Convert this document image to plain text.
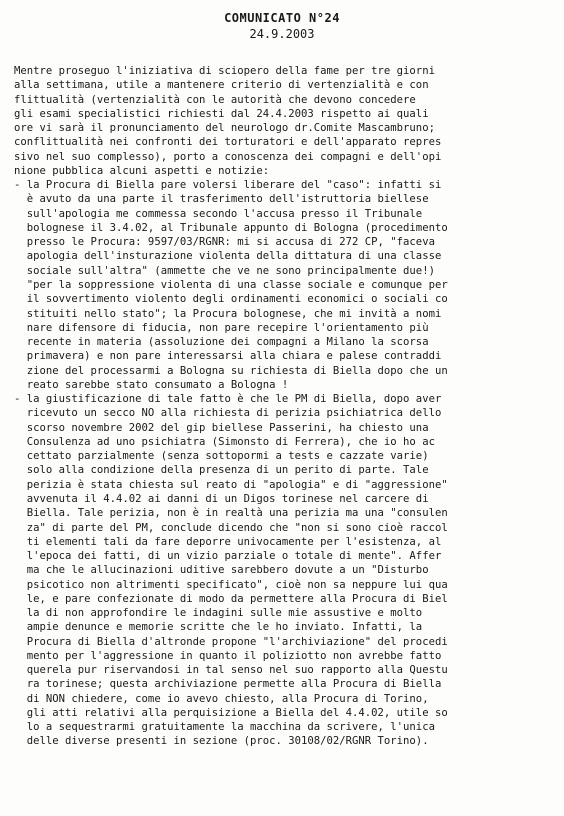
COMUNICATO N°24
24.9.2003
Mentre proseguo l'iniziativa di sciopero della fame per tre giorni
alla settimana, utile a mantenere criterio di vertenzialità e con
flittualità (vertenzialità con le autorità che devono concedere
gli esami specialistici richiesti dal 24.4.2003 rispetto ai quali
ore vi sarà il pronunciamento del neurologo dr.Comite Mascambruno;
conflittualità nei confronti dei torturatori e dell'apparato repres
sivo nel suo complesso), porto a conoscenza dei compagni e dell'opi
nione pubblica alcuni aspetti e notizie:
- la Procura di Biella pare volersi liberare del "caso": infatti si
è avuto da una parte il trasferimento dell'istruttoria biellese
sull'apologia me commessa secondo l'accusa presso il Tribunale
bolognese il 3.4.02, al Tribunale appunto di Bologna (procedimento
presso le Procura: 9597/03/RGNR: mi si accusa di 272 CP, "faceva
apologia dell'insturazione violenta della dittatura di una classe
sociale sull'altra" (ammette che ve ne sono principalmente due!)
"per la soppressione violenta di una classe sociale e comunque per
il sovvertimento violento degli ordinamenti economici o sociali co
stituiti nello stato"; la Procura bolognese, che mi invità a nomi
nare difensore di fiducia, non pare recepire l'orientamento più
recente in materia (assoluzione dei compagni a Milano la scorsa
primavera) e non pare interessarsi alla chiara e palese contraddi
zione del processarmi a Bologna su richiesta di Biella dopo che un
reato sarebbe stato consumato a Bologna !
- la giustificazione di tale fatto è che le PM di Biella, dopo aver
ricevuto un secco NO alla richiesta di perizia psichiatrica dello
scorso novembre 2002 del gip biellese Passerini, ha chiesto una
Consulenza ad uno psichiatra (Simonsto di Ferrera), che io ho ac
cettato parzialmente (senza sottopormi a tests e cazzate varie)
solo alla condizione della presenza di un perito di parte. Tale
perizia è stata chiesta sul reato di "apologia" e di "aggressione"
avvenuta il 4.4.02 ai danni di un Digos torinese nel carcere di
Biella. Tale perizia, non è in realtà una perizia ma una "consulen
za" di parte del PM, conclude dicendo che "non si sono cioè raccol
ti elementi tali da fare deporre univocamente per l'esistenza, al
l'epoca dei fatti, di un vizio parziale o totale di mente". Affer
ma che le allucinazioni uditive sarebbero dovute a un "Disturbo
psicotico non altrimenti specificato", cioè non sa neppure lui qua
le, e pare confezionate di modo da permettere alla Procura di Biel
la di non approfondire le indagini sulle mie assustive e molto
ampie denunce e memorie scritte che le ho inviato. Infatti, la
Procura di Biella d'altronde propone "l'archiviazione" del procedi
mento per l'aggressione in quanto il poliziotto non avrebbe fatto
querela pur riservandosi in tal senso nel suo rapporto alla Questu
ra torinese; questa archiviazione permette alla Procura di Biella
di NON chiedere, come io avevo chiesto, alla Procura di Torino,
gli atti relativi alla perquisizione a Biella del 4.4.02, utile so
lo a sequestrarmi gratuitamente la macchina da scrivere, l'unica
delle diverse presenti in sezione (proc. 30108/02/RGNR Torino).
